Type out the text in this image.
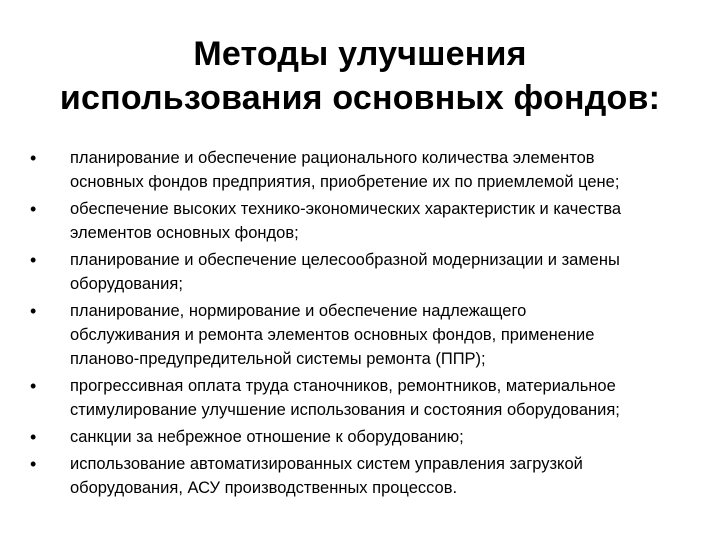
Методы улучшения
использования основных фондов:
•	планирование и обеспечение рационального количества элементов
основных фондов предприятия, приобретение их по приемлемой цене;
•	обеспечение высоких технико-экономических характеристик и качества
элементов основных фондов;
•	планирование и обеспечение целесообразной модернизации и замены
оборудования;
•	планирование, нормирование и обеспечение надлежащего
обслуживания и ремонта элементов основных фондов, применение
планово-предупредительной системы ремонта (ППР);
•	прогрессивная оплата труда станочников, ремонтников, материальное
стимулирование улучшение использования и состояния оборудования;
•	санкции за небрежное отношение к оборудованию;
•	использование автоматизированных систем управления загрузкой
оборудования, АСУ производственных процессов.
